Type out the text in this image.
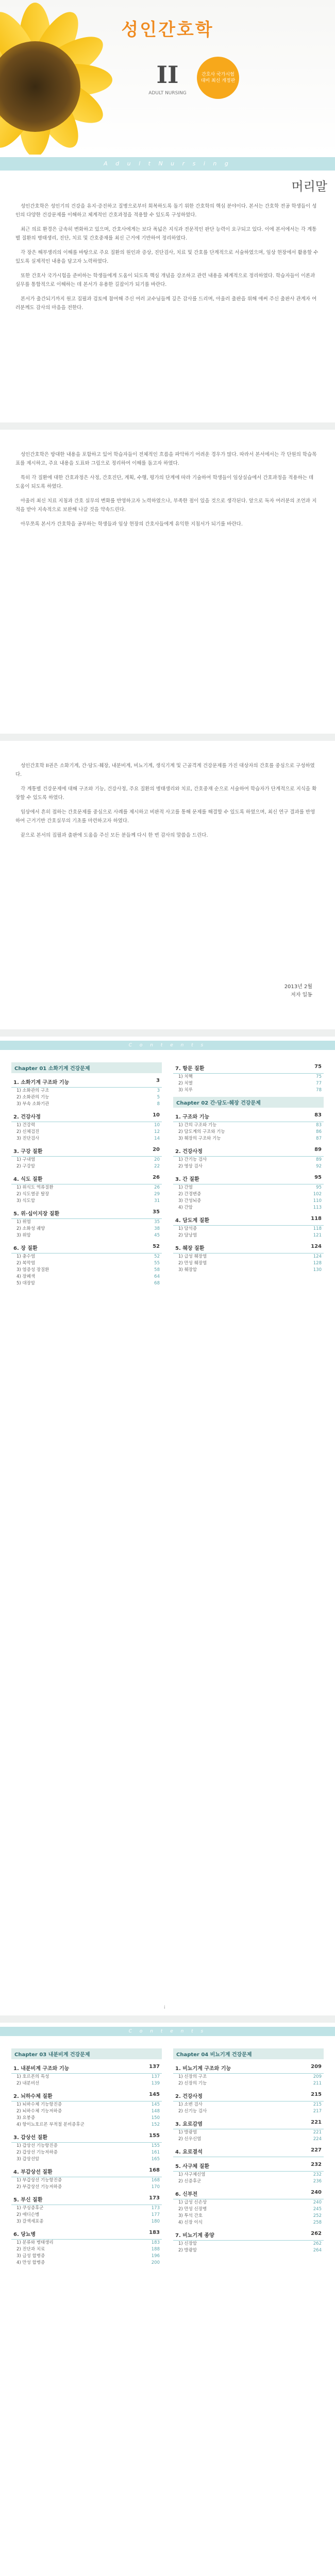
성인간호학
II
ADULT NURSING
간호사 국가시험 대비 최신 개정판
A d u l t N u r s i n g
머리말

성인간호학은 성인기의 건강을 유지·증진하고 질병으로부터 회복하도록 돕기 위한 간호학의 핵심 분야이다. 본서는 간호학 전공 학생들이 성인의 다양한 건강문제를 이해하고 체계적인 간호과정을 적용할 수 있도록 구성하였다.

최근 의료 환경은 급속히 변화하고 있으며, 간호사에게는 보다 폭넓은 지식과 전문적인 판단 능력이 요구되고 있다. 이에 본서에서는 각 계통별 질환의 병태생리, 진단, 치료 및 간호중재를 최신 근거에 기반하여 정리하였다.

각 장은 해부생리의 이해를 바탕으로 주요 질환의 원인과 증상, 진단검사, 치료 및 간호를 단계적으로 서술하였으며, 임상 현장에서 활용할 수 있도록 실제적인 내용을 담고자 노력하였다.

또한 간호사 국가시험을 준비하는 학생들에게 도움이 되도록 핵심 개념을 강조하고 관련 내용을 체계적으로 정리하였다. 학습자들이 이론과 실무를 통합적으로 이해하는 데 본서가 유용한 길잡이가 되기를 바란다.

본서가 출간되기까지 원고 집필과 검토에 참여해 주신 여러 교수님들께 깊은 감사를 드리며, 아울러 출판을 위해 애써 주신 출판사 관계자 여러분께도 감사의 마음을 전한다.

성인간호학은 방대한 내용을 포함하고 있어 학습자들이 전체적인 흐름을 파악하기 어려운 경우가 많다. 따라서 본서에서는 각 단원의 학습목표를 제시하고, 주요 내용을 도표와 그림으로 정리하여 이해를 돕고자 하였다.

특히 각 질환에 대한 간호과정은 사정, 간호진단, 계획, 수행, 평가의 단계에 따라 기술하여 학생들이 임상실습에서 간호과정을 적용하는 데 도움이 되도록 하였다.

아울러 최신 치료 지침과 간호 실무의 변화를 반영하고자 노력하였으나, 부족한 점이 있을 것으로 생각된다. 앞으로 독자 여러분의 조언과 지적을 받아 지속적으로 보완해 나갈 것을 약속드린다.

아무쪼록 본서가 간호학을 공부하는 학생들과 임상 현장의 간호사들에게 유익한 지침서가 되기를 바란다.

성인간호학 II권은 소화기계, 간·담도·췌장, 내분비계, 비뇨기계, 생식기계 및 근골격계 건강문제를 가진 대상자의 간호를 중심으로 구성하였다.

각 계통별 건강문제에 대해 구조와 기능, 건강사정, 주요 질환의 병태생리와 치료, 간호중재 순으로 서술하여 학습자가 단계적으로 지식을 확장할 수 있도록 하였다.

임상에서 흔히 접하는 간호문제를 중심으로 사례를 제시하고 비판적 사고를 통해 문제를 해결할 수 있도록 하였으며, 최신 연구 결과를 반영하여 근거기반 간호실무의 기초를 마련하고자 하였다.

끝으로 본서의 집필과 출판에 도움을 주신 모든 분들께 다시 한 번 감사의 말씀을 드린다.

2013년 2월
저자 일동
C o n t e n t s
Chapter 01 소화기계 건강문제
1. 소화기계 구조와 기능	3
1) 소화관의 구조	3
2) 소화관의 기능	5
3) 부속 소화기관	8
2. 건강사정	10
1) 건강력	10
2) 신체검진	12
3) 진단검사	14
3. 구강 질환	20
1) 구내염	20
2) 구강암	22
4. 식도 질환	26
1) 위식도 역류질환	26
2) 식도열공 탈장	29
3) 식도암	31
5. 위·십이지장 질환	35
1) 위염	35
2) 소화성 궤양	38
3) 위암	45
6. 장 질환	52
1) 충수염	52
2) 복막염	55
3) 염증성 장질환	58
4) 장폐색	64
5) 대장암	68
7. 항문 질환	75
1) 치핵	75
2) 치열	77
3) 치루	78
Chapter 02 간·담도·췌장 건강문제
1. 구조와 기능	83
1) 간의 구조와 기능	83
2) 담도계의 구조와 기능	86
3) 췌장의 구조와 기능	87
2. 건강사정	89
1) 간기능 검사	89
2) 영상 검사	92
3. 간 질환	95
1) 간염	95
2) 간경변증	102
3) 간성뇌증	110
4) 간암	113
4. 담도계 질환	118
1) 담석증	118
2) 담낭염	121
5. 췌장 질환	124
1) 급성 췌장염	124
2) 만성 췌장염	128
3) 췌장암	130
i
C o n t e n t s
Chapter 03 내분비계 건강문제
1. 내분비계 구조와 기능	137
1) 호르몬의 특성	137
2) 내분비선	139
2. 뇌하수체 질환	145
1) 뇌하수체 기능항진증	145
2) 뇌하수체 기능저하증	148
3) 요붕증	150
4) 항이뇨호르몬 부적절 분비증후군	152
3. 갑상선 질환	155
1) 갑상선 기능항진증	155
2) 갑상선 기능저하증	161
3) 갑상선암	165
4. 부갑상선 질환	168
1) 부갑상선 기능항진증	168
2) 부갑상선 기능저하증	170
5. 부신 질환	173
1) 쿠싱증후군	173
2) 애디슨병	177
3) 갈색세포종	180
6. 당뇨병	183
1) 분류와 병태생리	183
2) 진단과 치료	188
3) 급성 합병증	196
4) 만성 합병증	200
Chapter 04 비뇨기계 건강문제
1. 비뇨기계 구조와 기능	209
1) 신장의 구조	209
2) 신장의 기능	211
2. 건강사정	215
1) 소변 검사	215
2) 신기능 검사	217
3. 요로감염	221
1) 방광염	221
2) 신우신염	224
4. 요로결석	227
5. 사구체 질환	232
1) 사구체신염	232
2) 신증후군	236
6. 신부전	240
1) 급성 신손상	240
2) 만성 신장병	245
3) 투석 간호	252
4) 신장 이식	258
7. 비뇨기계 종양	262
1) 신장암	262
2) 방광암	264
